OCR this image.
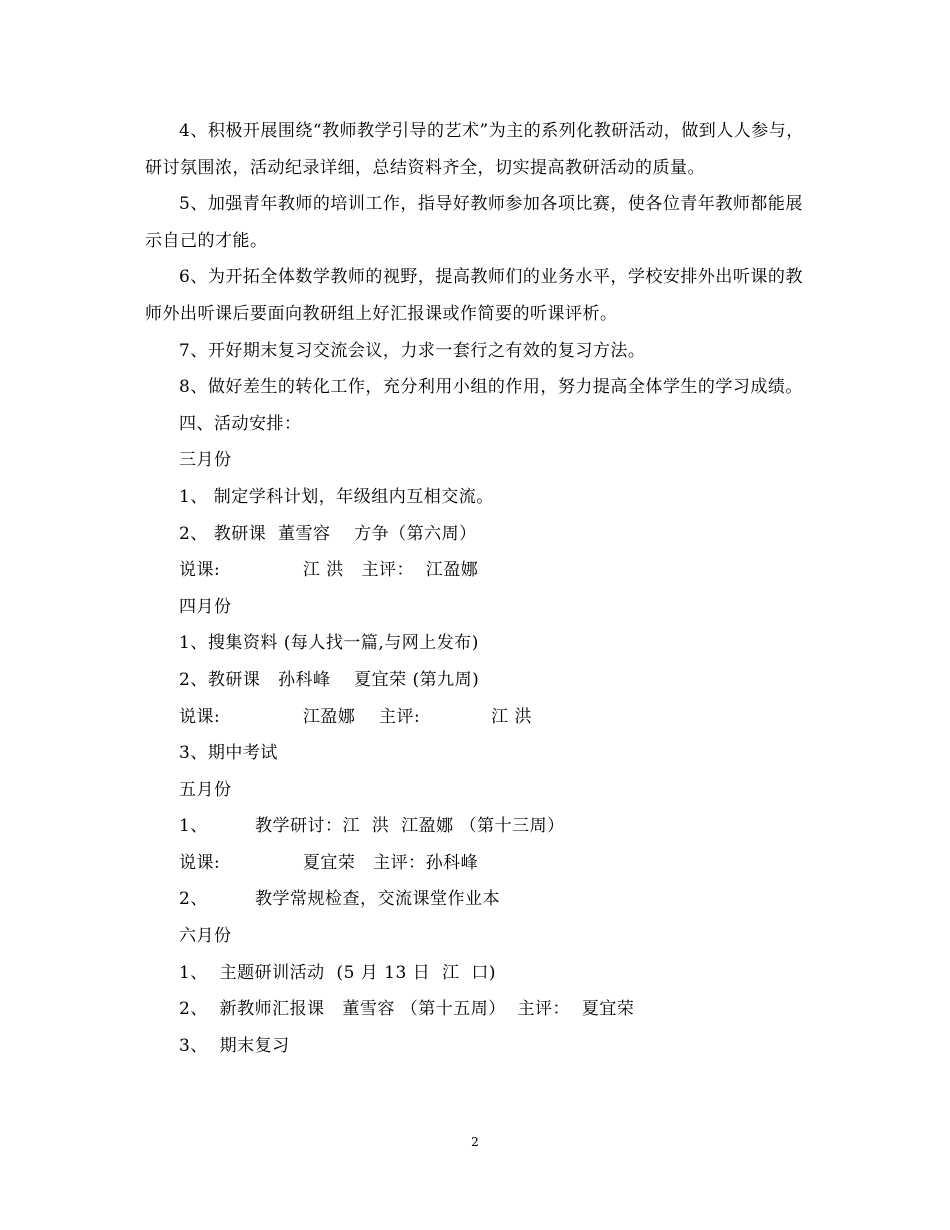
4、积极开展围绕“教师教学引导的艺术”为主的系列化教研活动，做到人人参与，研讨氛围浓，活动纪录详细，总结资料齐全，切实提高教研活动的质量。

5、加强青年教师的培训工作，指导好教师参加各项比赛，使各位青年教师都能展示自己的才能。

6、为开拓全体数学教师的视野，提高教师们的业务水平，学校安排外出听课的教师外出听课后要面向教研组上好汇报课或作简要的听课评析。

7、开好期末复习交流会议，力求一套行之有效的复习方法。

8、做好差生的转化工作，充分利用小组的作用，努力提高全体学生的学习成绩。

四、活动安排：

三月份

1、 制定学科计划，年级组内互相交流。

2、 教研课  董雪容    方争（第六周）

说课:              江 洪   主评：  江盈娜

四月份

1、搜集资料 (每人找一篇,与网上发布)

2、教研课   孙科峰    夏宜荣 (第九周)

说课:              江盈娜    主评:            江 洪

3、期中考试

五月份

1、        教学研讨：江  洪  江盈娜 （第十三周）

说课:              夏宜荣   主评：孙科峰

2、        教学常规检查，交流课堂作业本

六月份

1、  主题研训活动  (5 月 13 日  江  口)

2、  新教师汇报课   董雪容 （第十五周）  主评：  夏宜荣

3、  期末复习

2
